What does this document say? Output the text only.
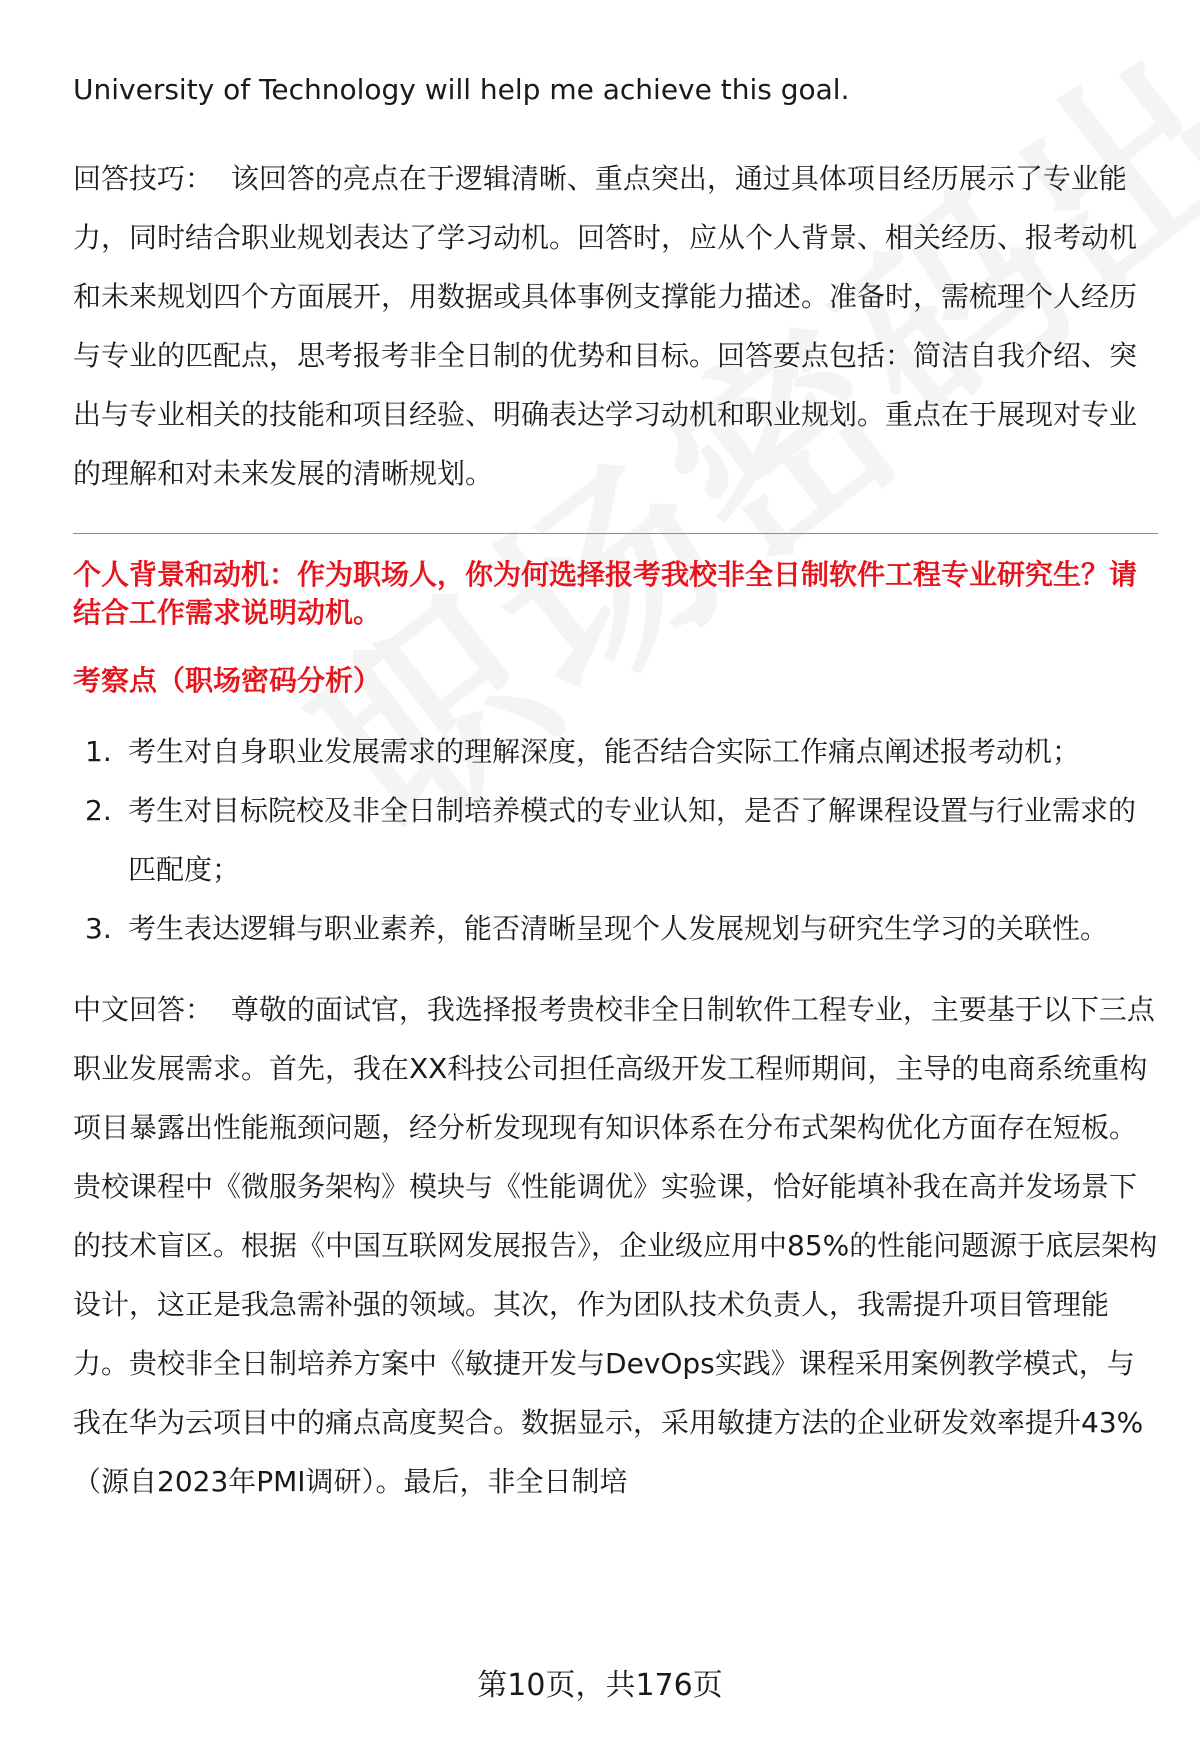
University of Technology will help me achieve this goal.

回答技巧： 该回答的亮点在于逻辑清晰、重点突出，通过具体项目经历展示了专业能力，同时结合职业规划表达了学习动机。回答时，应从个人背景、相关经历、报考动机和未来规划四个方面展开，用数据或具体事例支撑能力描述。准备时，需梳理个人经历与专业的匹配点，思考报考非全日制的优势和目标。回答要点包括：简洁自我介绍、突出与专业相关的技能和项目经验、明确表达学习动机和职业规划。重点在于展现对专业的理解和对未来发展的清晰规划。

个人背景和动机：作为职场人，你为何选择报考我校非全日制软件工程专业研究生？请结合工作需求说明动机。
考察点（职场密码分析）
1. 考生对自身职业发展需求的理解深度，能否结合实际工作痛点阐述报考动机；
2. 考生对目标院校及非全日制培养模式的专业认知，是否了解课程设置与行业需求的匹配度；
3. 考生表达逻辑与职业素养，能否清晰呈现个人发展规划与研究生学习的关联性。

中文回答： 尊敬的面试官，我选择报考贵校非全日制软件工程专业，主要基于以下三点职业发展需求。首先，我在XX科技公司担任高级开发工程师期间，主导的电商系统重构项目暴露出性能瓶颈问题，经分析发现现有知识体系在分布式架构优化方面存在短板。贵校课程中《微服务架构》模块与《性能调优》实验课，恰好能填补我在高并发场景下的技术盲区。根据《中国互联网发展报告》，企业级应用中85%的性能问题源于底层架构设计，这正是我急需补强的领域。其次，作为团队技术负责人，我需提升项目管理能力。贵校非全日制培养方案中《敏捷开发与DevOps实践》课程采用案例教学模式，与我在华为云项目中的痛点高度契合。数据显示，采用敏捷方法的企业研发效率提升43%（源自2023年PMI调研）。最后，非全日制培

第10页，共176页
